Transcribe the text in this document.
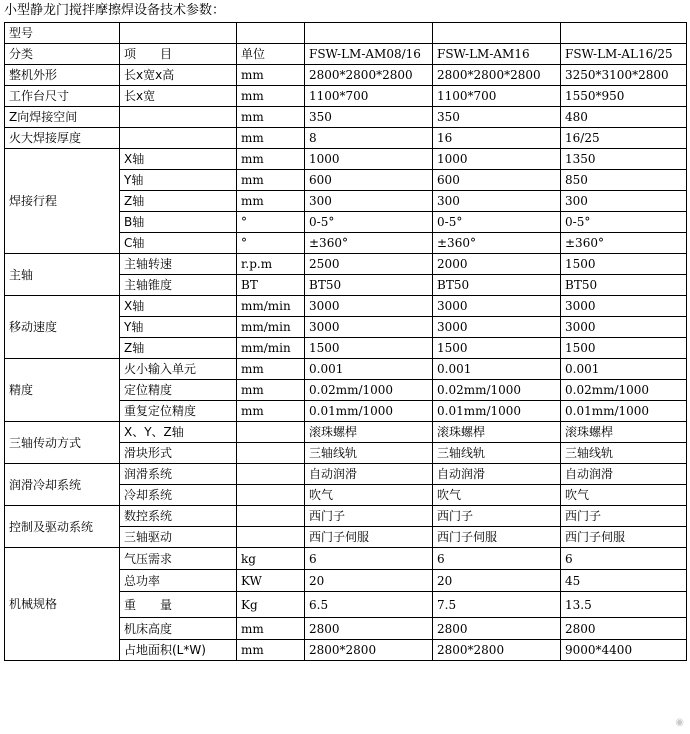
小型静龙门搅拌摩擦焊设备技术参数：
型号					
分类	项　　目	单位	FSW-LM-AM08/16	FSW-LM-AM16	FSW-LM-AL16/25
整机外形	长x宽x高	mm	2800*2800*2800	2800*2800*2800	3250*3100*2800
工作台尺寸	长x宽	mm	1100*700	1100*700	1550*950
Z向焊接空间		mm	350	350	480
火大焊接厚度		mm	8	16	16/25
焊接行程	X轴	mm	1000	1000	1350
	Y轴	mm	600	600	850
	Z轴	mm	300	300	300
	B轴	°	0-5°	0-5°	0-5°
	C轴	°	±360°	±360°	±360°
主轴	主轴转速	r.p.m	2500	2000	1500
	主轴锥度	BT	BT50	BT50	BT50
移动速度	X轴	mm/min	3000	3000	3000
	Y轴	mm/min	3000	3000	3000
	Z轴	mm/min	1500	1500	1500
精度	火小输入单元	mm	0.001	0.001	0.001
	定位精度	mm	0.02mm/1000	0.02mm/1000	0.02mm/1000
	重复定位精度	mm	0.01mm/1000	0.01mm/1000	0.01mm/1000
三轴传动方式	X、Y、Z轴		滚珠螺桿	滚珠螺桿	滚珠螺桿
	滑块形式		三轴线轨	三轴线轨	三轴线轨
润滑冷却系统	润滑系统		自动润滑	自动润滑	自动润滑
	冷却系统		吹气	吹气	吹气
控制及驱动系统	数控系统		西门子	西门子	西门子
	三轴驱动		西门子伺服	西门子伺服	西门子伺服
机械规格	气压需求	kg	6	6	6
	总功率	KW	20	20	45
	重　　量	Kg	6.5	7.5	13.5
	机床高度	mm	2800	2800	2800
	占地面积(L*W)	mm	2800*2800	2800*2800	9000*4400
◉
